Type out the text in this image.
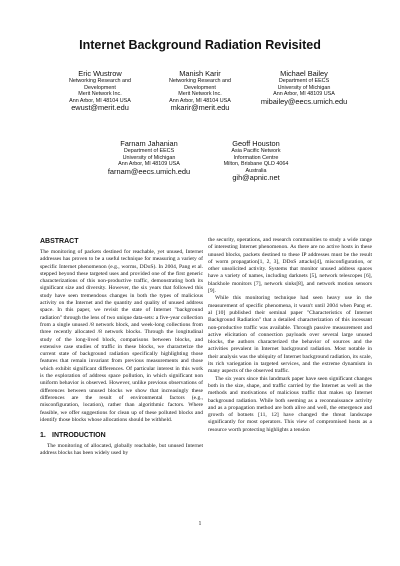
Internet Background Radiation Revisited
Eric Wustrow
Networking Research and
Development
Merit Network Inc.
Ann Arbor, MI 48104 USA
ewust@merit.edu
Manish Karir
Networking Research and
Development
Merit Network Inc.
Ann Arbor, MI 48104 USA
mkarir@merit.edu
Michael Bailey
Department of EECS
University of Michigan
Ann Arbor, MI 48109 USA
mibailey@eecs.umich.edu
Farnam Jahanian
Department of EECS
University of Michigan
Ann Arbor, MI 48109 USA
farnam@eecs.umich.edu
Geoff Houston
Asia Pacific Network
Information Centre
Milton, Brisbane QLD 4064
Australia
gih@apnic.net
ABSTRACT

The monitoring of packets destined for reachable, yet unused, Internet addresses has proven to be a useful technique for measuring a variety of specific Internet phenomenon (e.g., worms, DDoS). In 2004, Pang et al. stepped beyond these targeted uses and provided one of the first generic characterizations of this non-productive traffic, demonstrating both its significant size and diversity. However, the six years that followed this study have seen tremendous changes in both the types of malicious activity on the Internet and the quantity and quality of unused address space. In this paper, we revisit the state of Internet "background radiation" through the lens of two unique data-sets: a five-year collection from a single unused /8 network block, and week-long collections from three recently allocated /8 network blocks. Through the longitudinal study of the long-lived block, comparisons between blocks, and extensive case studies of traffic in these blocks, we characterize the current state of background radiation specifically highlighting those features that remain invariant from previous measurements and those which exhibit significant differences. Of particular interest in this work is the exploration of address space pollution, in which significant non uniform behavior is observed. However, unlike previous observations of differences between unused blocks we show that increasingly these differences are the result of environmental factors (e.g., misconfiguration, location), rather than algorithmic factors. Where feasible, we offer suggestions for clean up of these polluted blocks and identify those blocks whose allocations should be withheld.

1. INTRODUCTION

The monitoring of allocated, globally reachable, but unused Internet address blocks has been widely used by

the security, operations, and research communities to study a wide range of interesting Internet phenomenon. As there are no active hosts in these unused blocks, packets destined to these IP addresses must be the result of worm propagation[1, 2, 3], DDoS attacks[4], misconfiguration, or other unsolicited activity. Systems that monitor unused address spaces have a variety of names, including darknets [5], network telescopes [6], blackhole monitors [7], network sinks[8], and network motion sensors [9].

While this monitoring technique had seen heavy use in the measurement of specific phenomena, it wasn't until 2004 when Pang et. al [10] published their seminal paper "Characteristics of Internet Background Radiation" that a detailed characterization of this incessant non-productive traffic was available. Through passive measurement and active elicitation of connection payloads over several large unused blocks, the authors characterized the behavior of sources and the activities prevalent in Internet background radiation. Most notable in their analysis was the ubiquity of Internet background radiation, its scale, its rich variegation in targeted services, and the extreme dynamism in many aspects of the observed traffic.

The six years since this landmark paper have seen significant changes both in the size, shape, and traffic carried by the Internet as well as the methods and motivations of malicious traffic that makes up Internet background radiation. While both seeming as a reconnaissance activity and as a propagation method are both alive and well, the emergence and growth of botnets [11, 12] have changed the threat landscape significantly for most operators. This view of compromised hosts as a resource worth protecting highlights a tension

1
